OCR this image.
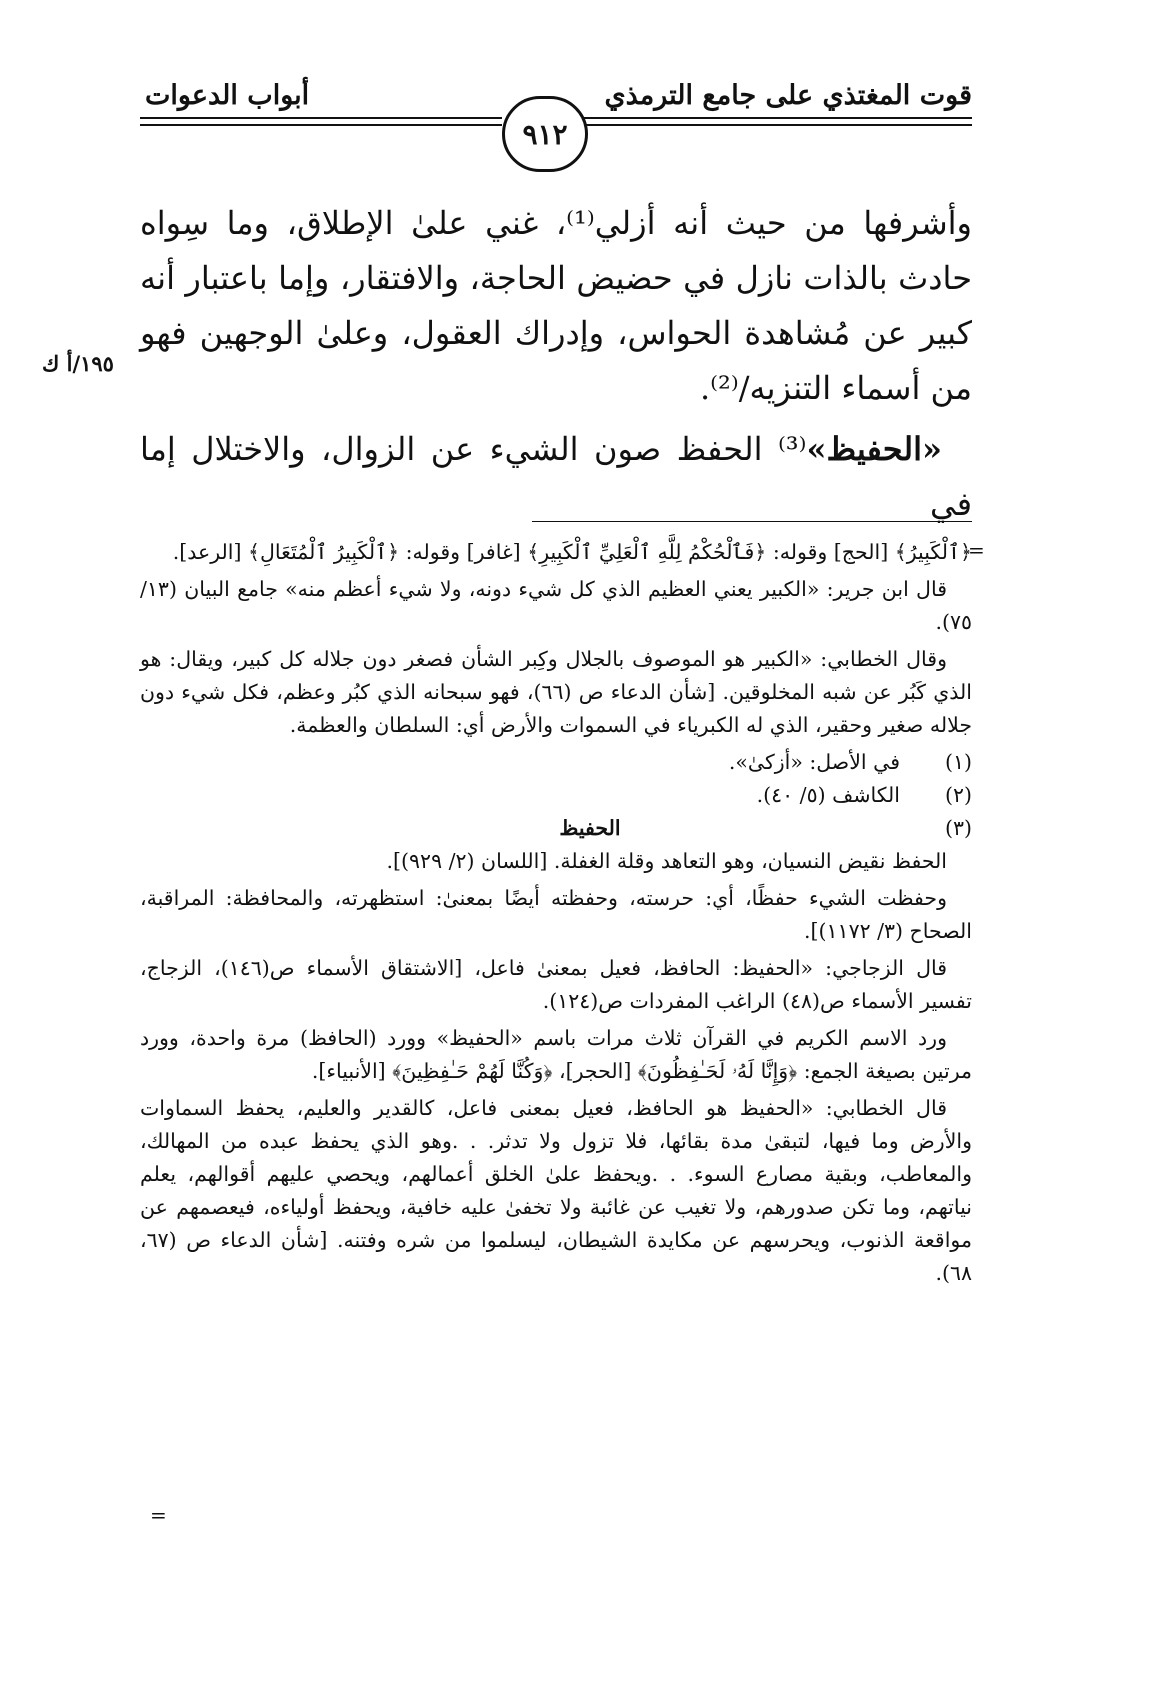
قوت المغتذي على جامع الترمذي
أبواب الدعوات
٩١٢
١٩٥/أ ك

وأشرفها من حيث أنه أزلي⁽¹⁾، غني علىٰ الإطلاق، وما سِواه حادث بالذات نازل في حضيض الحاجة، والافتقار، وإما باعتبار أنه كبير عن مُشاهدة الحواس، وإدراك العقول، وعلىٰ الوجهين فهو من أسماء التنزيه/⁽²⁾.

«الحفيظ»⁽³⁾ الحفظ صون الشيء عن الزوال، والاختلال إما في

=

﴿ٱلْكَبِيرُ﴾ [الحج] وقوله: ﴿فَٱلْحُكْمُ لِلَّهِ ٱلْعَلِيِّ ٱلْكَبِيرِ﴾ [غافر] وقوله: ﴿ٱلْكَبِيرُ ٱلْمُتَعَالِ﴾ [الرعد].

قال ابن جرير: «الكبير يعني العظيم الذي كل شيء دونه، ولا شيء أعظم منه» جامع البيان (١٣/ ٧٥).

وقال الخطابي: «الكبير هو الموصوف بالجلال وكِبر الشأن فصغر دون جلاله كل كبير، ويقال: هو الذي كَبُر عن شبه المخلوقين. [شأن الدعاء ص (٦٦)، فهو سبحانه الذي كبُر وعظم، فكل شيء دون جلاله صغير وحقير، الذي له الكبرياء في السموات والأرض أي: السلطان والعظمة.

(١)
في الأصل: «أزكىٰ».
(٢)
الكاشف (٥/ ٤٠).
(٣)
الحفيظ

الحفظ نقيض النسيان، وهو التعاهد وقلة الغفلة. [اللسان (٢/ ٩٢٩)].

وحفظت الشيء حفظًا، أي: حرسته، وحفظته أيضًا بمعنىٰ: استظهرته، والمحافظة: المراقبة، الصحاح (٣/ ١١٧٢)].

قال الزجاجي: «الحفيظ: الحافظ، فعيل بمعنىٰ فاعل، [الاشتقاق الأسماء ص(١٤٦)، الزجاج، تفسير الأسماء ص(٤٨) الراغب المفردات ص(١٢٤).

ورد الاسم الكريم في القرآن ثلاث مرات باسم «الحفيظ» وورد (الحافظ) مرة واحدة، وورد مرتين بصيغة الجمع: ﴿وَإِنَّا لَهُۥ لَحَـٰفِظُونَ﴾ [الحجر]، ﴿وَكُنَّا لَهُمْ حَـٰفِظِينَ﴾ [الأنبياء].

قال الخطابي: «الحفيظ هو الحافظ، فعيل بمعنى فاعل، كالقدير والعليم، يحفظ السماوات والأرض وما فيها، لتبقىٰ مدة بقائها، فلا تزول ولا تدثر. . .وهو الذي يحفظ عبده من المهالك، والمعاطب، وبقية مصارع السوء. . .ويحفظ علىٰ الخلق أعمالهم، ويحصي عليهم أقوالهم، يعلم نياتهم، وما تكن صدورهم، ولا تغيب عن غائبة ولا تخفىٰ عليه خافية، ويحفظ أولياءه، فيعصمهم عن مواقعة الذنوب، ويحرسهم عن مكايدة الشيطان، ليسلموا من شره وفتنه. [شأن الدعاء ص (٦٧، ٦٨).

=
